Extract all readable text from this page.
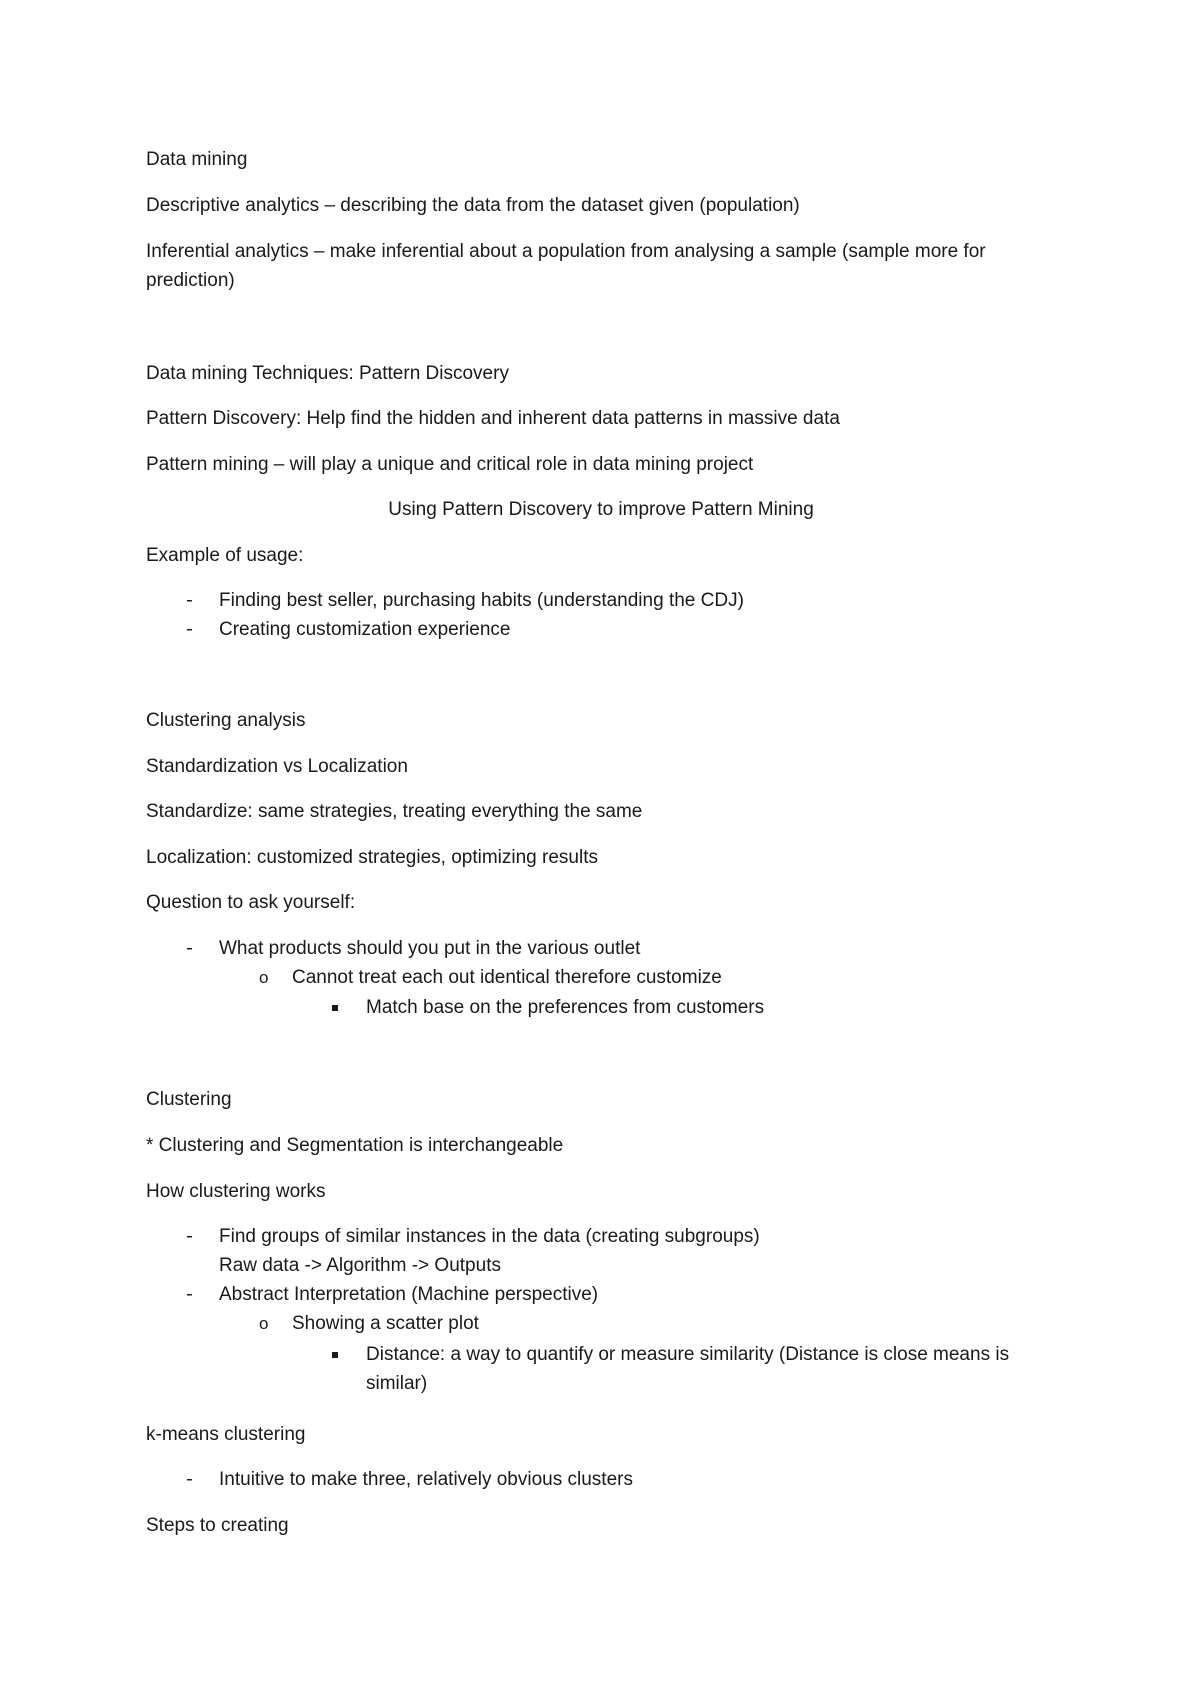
Data mining

Descriptive analytics – describing the data from the dataset given (population)

Inferential analytics – make inferential about a population from analysing a sample (sample more for prediction)

Data mining Techniques: Pattern Discovery

Pattern Discovery: Help find the hidden and inherent data patterns in massive data

Pattern mining – will play a unique and critical role in data mining project

Using Pattern Discovery to improve Pattern Mining

Example of usage:

- Finding best seller, purchasing habits (understanding the CDJ)
- Creating customization experience

Clustering analysis

Standardization vs Localization

Standardize: same strategies, treating everything the same

Localization: customized strategies, optimizing results

Question to ask yourself:

- What products should you put in the various outlet
o Cannot treat each out identical therefore customize
Match base on the preferences from customers

Clustering

* Clustering and Segmentation is interchangeable

How clustering works

- Find groups of similar instances in the data (creating subgroups)
Raw data -> Algorithm -> Outputs
- Abstract Interpretation (Machine perspective)
o Showing a scatter plot
Distance: a way to quantify or measure similarity (Distance is close means is similar)

k-means clustering

- Intuitive to make three, relatively obvious clusters

Steps to creating
